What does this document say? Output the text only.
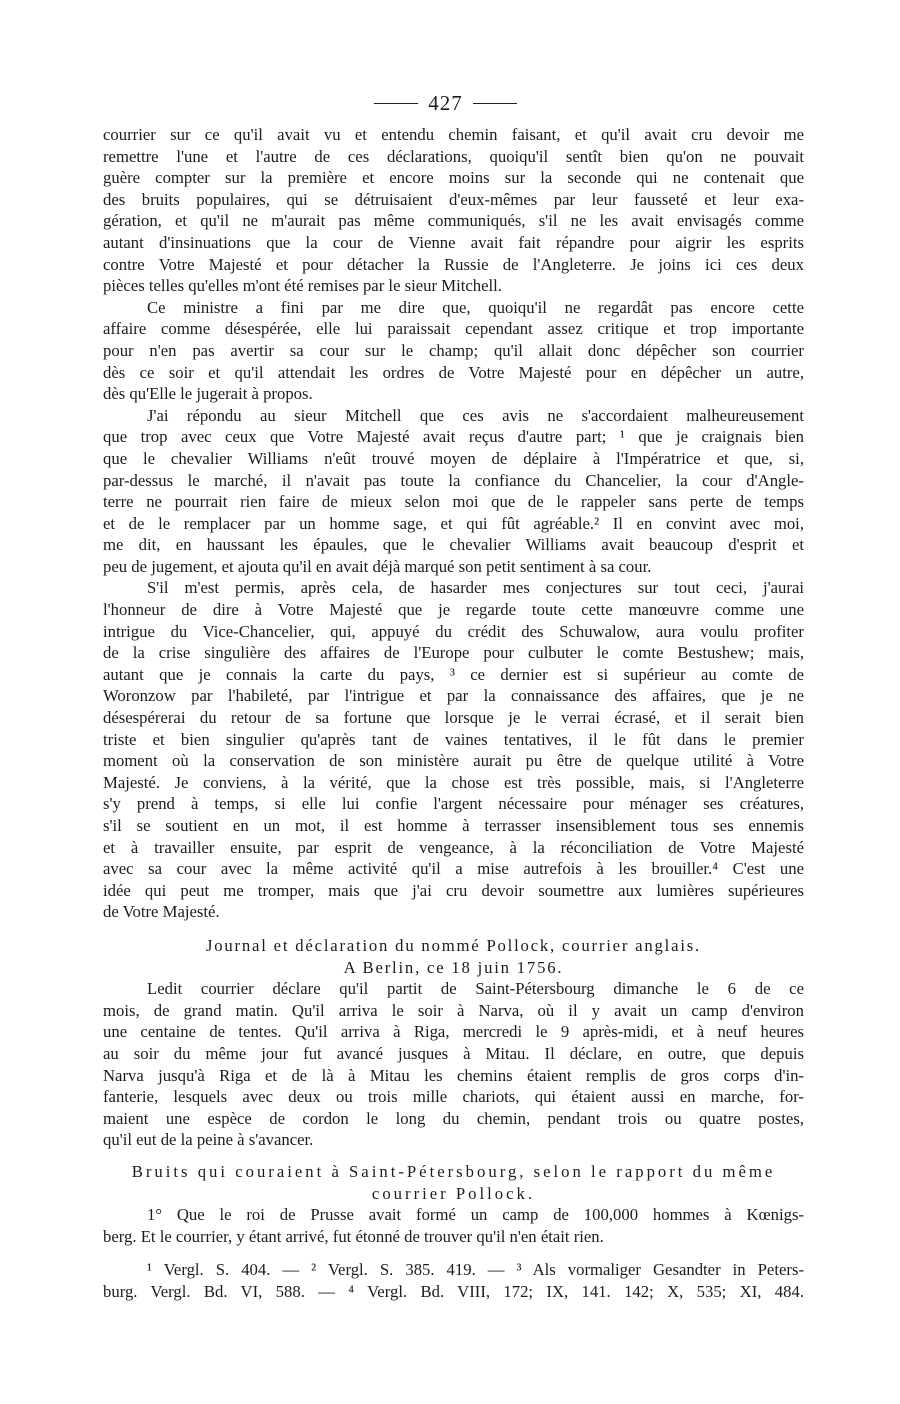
427
courrier sur ce qu'il avait vu et entendu chemin faisant, et qu'il avait cru devoir me
remettre l'une et l'autre de ces déclarations, quoiqu'il sentît bien qu'on ne pouvait
guère compter sur la première et encore moins sur la seconde qui ne contenait que
des bruits populaires, qui se détruisaient d'eux-mêmes par leur fausseté et leur exa-
gération, et qu'il ne m'aurait pas même communiqués, s'il ne les avait envisagés comme
autant d'insinuations que la cour de Vienne avait fait répandre pour aigrir les esprits
contre Votre Majesté et pour détacher la Russie de l'Angleterre. Je joins ici ces deux
pièces telles qu'elles m'ont été remises par le sieur Mitchell.
Ce ministre a fini par me dire que, quoiqu'il ne regardât pas encore cette
affaire comme désespérée, elle lui paraissait cependant assez critique et trop importante
pour n'en pas avertir sa cour sur le champ; qu'il allait donc dépêcher son courrier
dès ce soir et qu'il attendait les ordres de Votre Majesté pour en dépêcher un autre,
dès qu'Elle le jugerait à propos.
J'ai répondu au sieur Mitchell que ces avis ne s'accordaient malheureusement
que trop avec ceux que Votre Majesté avait reçus d'autre part; ¹ que je craignais bien
que le chevalier Williams n'eût trouvé moyen de déplaire à l'Impératrice et que, si,
par-dessus le marché, il n'avait pas toute la confiance du Chancelier, la cour d'Angle-
terre ne pourrait rien faire de mieux selon moi que de le rappeler sans perte de temps
et de le remplacer par un homme sage, et qui fût agréable.² Il en convint avec moi,
me dit, en haussant les épaules, que le chevalier Williams avait beaucoup d'esprit et
peu de jugement, et ajouta qu'il en avait déjà marqué son petit sentiment à sa cour.
S'il m'est permis, après cela, de hasarder mes conjectures sur tout ceci, j'aurai
l'honneur de dire à Votre Majesté que je regarde toute cette manœuvre comme une
intrigue du Vice-Chancelier, qui, appuyé du crédit des Schuwalow, aura voulu profiter
de la crise singulière des affaires de l'Europe pour culbuter le comte Bestushew; mais,
autant que je connais la carte du pays, ³ ce dernier est si supérieur au comte de
Woronzow par l'habileté, par l'intrigue et par la connaissance des affaires, que je ne
désespérerai du retour de sa fortune que lorsque je le verrai écrasé, et il serait bien
triste et bien singulier qu'après tant de vaines tentatives, il le fût dans le premier
moment où la conservation de son ministère aurait pu être de quelque utilité à Votre
Majesté. Je conviens, à la vérité, que la chose est très possible, mais, si l'Angleterre
s'y prend à temps, si elle lui confie l'argent nécessaire pour ménager ses créatures,
s'il se soutient en un mot, il est homme à terrasser insensiblement tous ses ennemis
et à travailler ensuite, par esprit de vengeance, à la réconciliation de Votre Majesté
avec sa cour avec la même activité qu'il a mise autrefois à les brouiller.⁴ C'est une
idée qui peut me tromper, mais que j'ai cru devoir soumettre aux lumières supérieures
de Votre Majesté.
Journal et déclaration du nommé Pollock, courrier anglais.
A Berlin, ce 18 juin 1756.
Ledit courrier déclare qu'il partit de Saint-Pétersbourg dimanche le 6 de ce
mois, de grand matin. Qu'il arriva le soir à Narva, où il y avait un camp d'environ
une centaine de tentes. Qu'il arriva à Riga, mercredi le 9 après-midi, et à neuf heures
au soir du même jour fut avancé jusques à Mitau. Il déclare, en outre, que depuis
Narva jusqu'à Riga et de là à Mitau les chemins étaient remplis de gros corps d'in-
fanterie, lesquels avec deux ou trois mille chariots, qui étaient aussi en marche, for-
maient une espèce de cordon le long du chemin, pendant trois ou quatre postes,
qu'il eut de la peine à s'avancer.
Bruits qui couraient à Saint-Pétersbourg, selon le rapport du même
courrier Pollock.
1° Que le roi de Prusse avait formé un camp de 100,000 hommes à Kœnigs-
berg. Et le courrier, y étant arrivé, fut étonné de trouver qu'il n'en était rien.
¹ Vergl. S. 404. — ² Vergl. S. 385. 419. — ³ Als vormaliger Gesandter in Peters-
burg. Vergl. Bd. VI, 588. — ⁴ Vergl. Bd. VIII, 172; IX, 141. 142; X, 535; XI, 484.
